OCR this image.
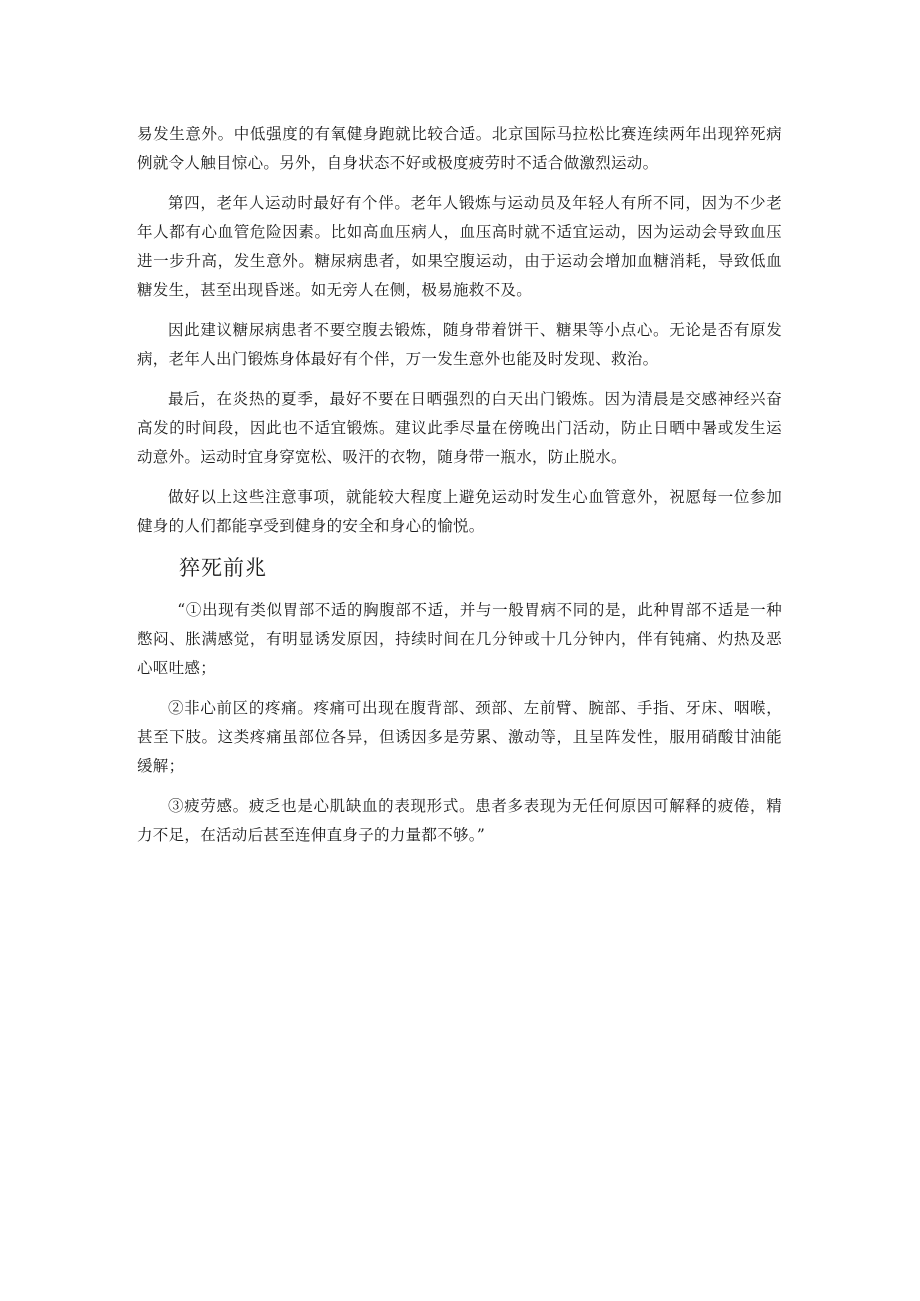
易发生意外。中低强度的有氧健身跑就比较合适。北京国际马拉松比赛连续两年出现猝死病例就令人触目惊心。另外，自身状态不好或极度疲劳时不适合做激烈运动。

第四，老年人运动时最好有个伴。老年人锻炼与运动员及年轻人有所不同，因为不少老年人都有心血管危险因素。比如高血压病人，血压高时就不适宜运动，因为运动会导致血压进一步升高，发生意外。糖尿病患者，如果空腹运动，由于运动会增加血糖消耗，导致低血糖发生，甚至出现昏迷。如无旁人在侧，极易施救不及。

因此建议糖尿病患者不要空腹去锻炼，随身带着饼干、糖果等小点心。无论是否有原发病，老年人出门锻炼身体最好有个伴，万一发生意外也能及时发现、救治。

最后，在炎热的夏季，最好不要在日晒强烈的白天出门锻炼。因为清晨是交感神经兴奋高发的时间段，因此也不适宜锻炼。建议此季尽量在傍晚出门活动，防止日晒中暑或发生运动意外。运动时宜身穿宽松、吸汗的衣物，随身带一瓶水，防止脱水。

做好以上这些注意事项，就能较大程度上避免运动时发生心血管意外，祝愿每一位参加健身的人们都能享受到健身的安全和身心的愉悦。

猝死前兆

“①出现有类似胃部不适的胸腹部不适，并与一般胃病不同的是，此种胃部不适是一种憋闷、胀满感觉，有明显诱发原因，持续时间在几分钟或十几分钟内，伴有钝痛、灼热及恶心呕吐感；

②非心前区的疼痛。疼痛可出现在腹背部、颈部、左前臂、腕部、手指、牙床、咽喉，甚至下肢。这类疼痛虽部位各异，但诱因多是劳累、激动等，且呈阵发性，服用硝酸甘油能缓解；

③疲劳感。疲乏也是心肌缺血的表现形式。患者多表现为无任何原因可解释的疲倦，精力不足，在活动后甚至连伸直身子的力量都不够。”
